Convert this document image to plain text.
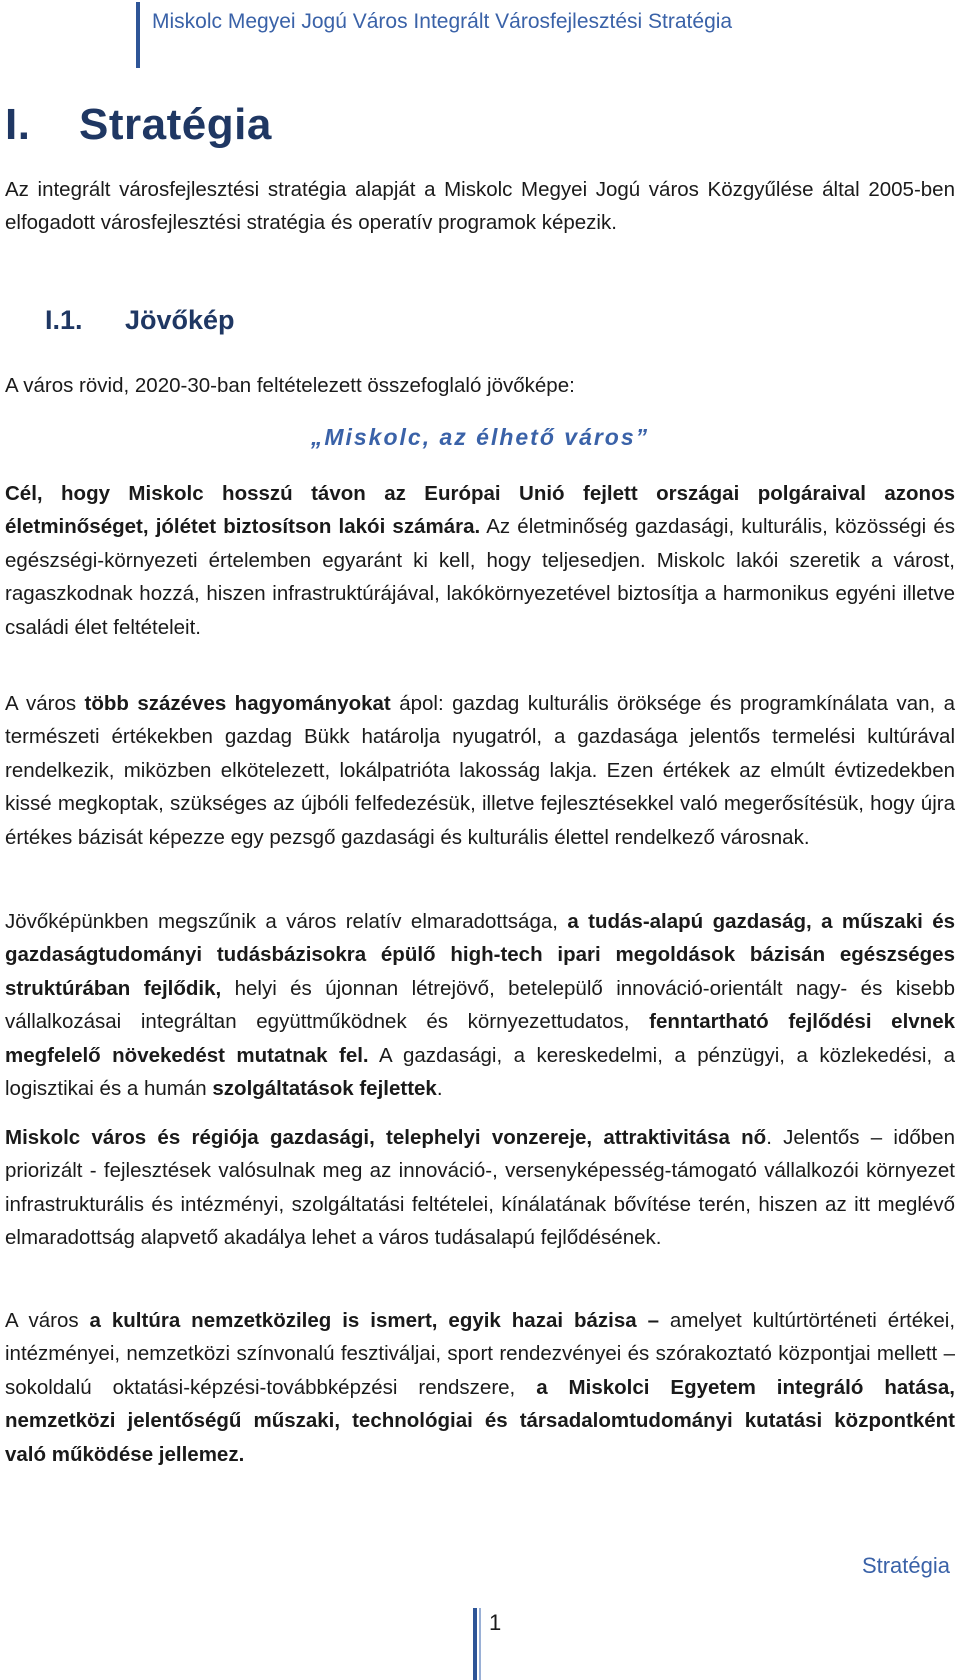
Miskolc Megyei Jogú Város Integrált Városfejlesztési Stratégia
I. Stratégia
Az integrált városfejlesztési stratégia alapját a Miskolc Megyei Jogú város Közgyűlése által 2005-ben elfogadott városfejlesztési stratégia és operatív programok képezik.
I.1. Jövőkép
A város rövid, 2020-30-ban feltételezett összefoglaló jövőképe:
„Miskolc, az élhető város”
Cél, hogy Miskolc hosszú távon az Európai Unió fejlett országai polgáraival azonos életminőséget, jólétet biztosítson lakói számára. Az életminőség gazdasági, kulturális, közösségi és egészségi-környezeti értelemben egyaránt ki kell, hogy teljesedjen. Miskolc lakói szeretik a várost, ragaszkodnak hozzá, hiszen infrastruktúrájával, lakókörnyezetével biztosítja a harmonikus egyéni illetve családi élet feltételeit.
A város több százéves hagyományokat ápol: gazdag kulturális öröksége és programkínálata van, a természeti értékekben gazdag Bükk határolja nyugatról, a gazdasága jelentős termelési kultúrával rendelkezik, miközben elkötelezett, lokálpatrióta lakosság lakja. Ezen értékek az elmúlt évtizedekben kissé megkoptak, szükséges az újbóli felfedezésük, illetve fejlesztésekkel való megerősítésük, hogy újra értékes bázisát képezze egy pezsgő gazdasági és kulturális élettel rendelkező városnak.
Jövőképünkben megszűnik a város relatív elmaradottsága, a tudás-alapú gazdaság, a műszaki és gazdaságtudományi tudásbázisokra épülő high-tech ipari megoldások bázisán egészséges struktúrában fejlődik, helyi és újonnan létrejövő, betelepülő innováció-orientált nagy- és kisebb vállalkozásai integráltan együttműködnek és környezettudatos, fenntartható fejlődési elvnek megfelelő növekedést mutatnak fel. A gazdasági, a kereskedelmi, a pénzügyi, a közlekedési, a logisztikai és a humán szolgáltatások fejlettek.
Miskolc város és régiója gazdasági, telephelyi vonzereje, attraktivitása nő. Jelentős – időben priorizált - fejlesztések valósulnak meg az innováció-, versenyképesség-támogató vállalkozói környezet infrastrukturális és intézményi, szolgáltatási feltételei, kínálatának bővítése terén, hiszen az itt meglévő elmaradottság alapvető akadálya lehet a város tudásalapú fejlődésének.
A város a kultúra nemzetközileg is ismert, egyik hazai bázisa – amelyet kultúrtörténeti értékei, intézményei, nemzetközi színvonalú fesztiváljai, sport rendezvényei és szórakoztató központjai mellett – sokoldalú oktatási-képzési-továbbképzési rendszere, a Miskolci Egyetem integráló hatása, nemzetközi jelentőségű műszaki, technológiai és társadalomtudományi kutatási központként való működése jellemez.
Stratégia
1
